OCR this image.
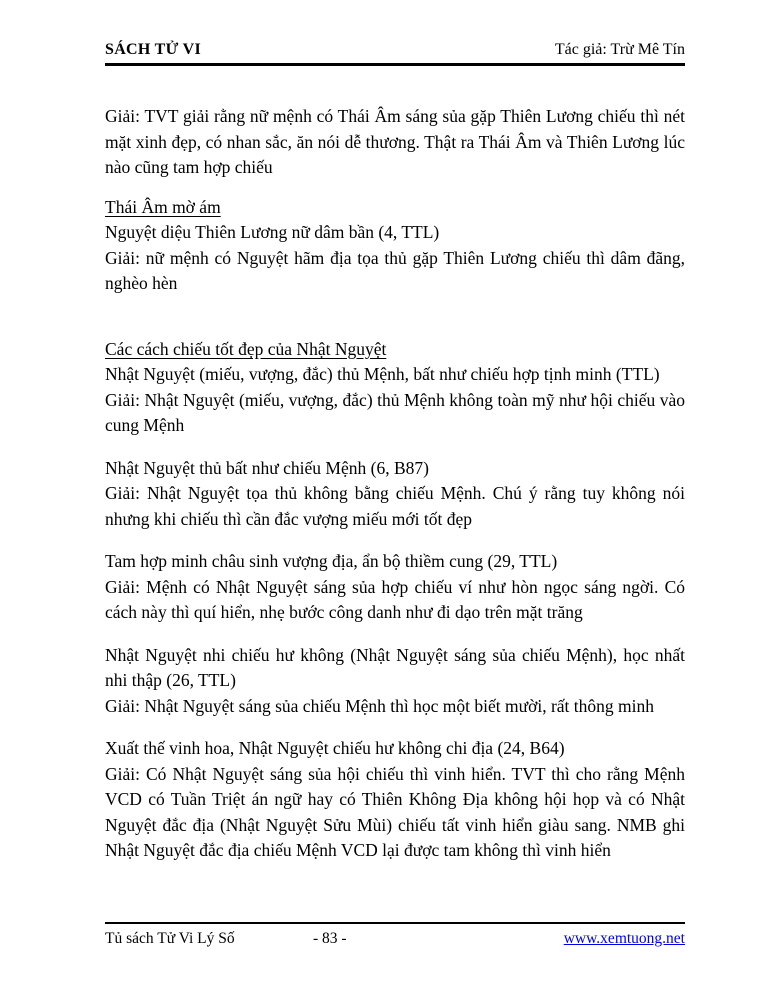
SÁCH TỬ VI	Tác giả: Trừ Mê Tín

Giải: TVT giải rằng nữ mệnh có Thái Âm sáng sủa gặp Thiên Lương chiếu thì nét mặt xinh đẹp, có nhan sắc, ăn nói dễ thương. Thật ra Thái Âm và Thiên Lương lúc nào cũng tam hợp chiếu

Thái Âm mờ ám

Nguyệt diệu Thiên Lương nữ dâm bần (4, TTL)

Giải: nữ mệnh có Nguyệt hãm địa tọa thủ gặp Thiên Lương chiếu thì dâm đãng, nghèo hèn

Các cách chiếu tốt đẹp của Nhật Nguyệt

Nhật Nguyệt (miếu, vượng, đắc) thủ Mệnh, bất như chiếu hợp tịnh minh (TTL)

Giải: Nhật Nguyệt (miếu, vượng, đắc) thủ Mệnh không toàn mỹ như hội chiếu vào cung Mệnh

Nhật Nguyệt thủ bất như chiếu Mệnh (6, B87)

Giải: Nhật Nguyệt tọa thủ không bằng chiếu Mệnh. Chú ý rằng tuy không nói nhưng khi chiếu thì cần đắc vượng miếu mới tốt đẹp

Tam hợp minh châu sinh vượng địa, ẩn bộ thiềm cung (29, TTL)

Giải: Mệnh có Nhật Nguyệt sáng sủa hợp chiếu ví như hòn ngọc sáng ngời. Có cách này thì quí hiển, nhẹ bước công danh như đi dạo trên mặt trăng

Nhật Nguyệt nhi chiếu hư không (Nhật Nguyệt sáng sủa chiếu Mệnh), học nhất nhi thập (26, TTL)

Giải: Nhật Nguyệt sáng sủa chiếu Mệnh thì học một biết mười, rất thông minh

Xuất thế vinh hoa, Nhật Nguyệt chiếu hư không chi địa (24, B64)

Giải: Có Nhật Nguyệt sáng sủa hội chiếu thì vinh hiển. TVT thì cho rằng Mệnh VCD có Tuần Triệt án ngữ hay có Thiên Không Địa không hội họp và có Nhật Nguyệt đắc địa (Nhật Nguyệt Sửu Mùi) chiếu tất vinh hiển giàu sang. NMB ghi Nhật Nguyệt đắc địa chiếu Mệnh VCD lại được tam không thì vinh hiển

Tủ sách Tử Vi Lý Số	- 83 -	www.xemtuong.net
